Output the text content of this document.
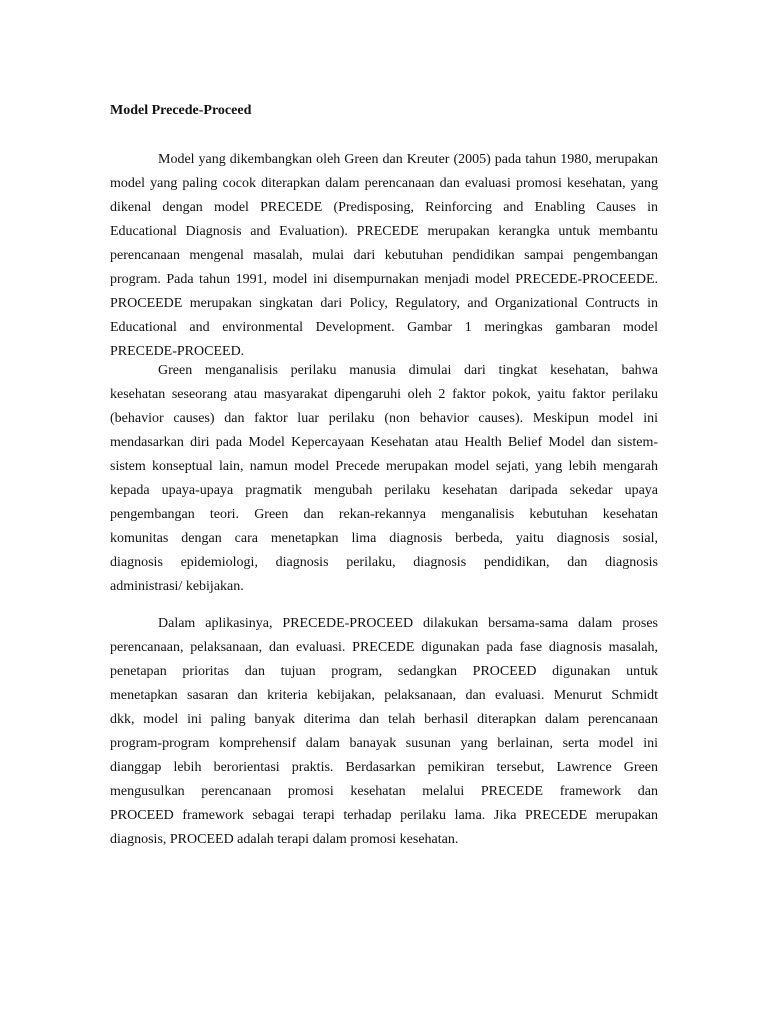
Model Precede-Proceed
Model yang dikembangkan oleh Green dan Kreuter (2005) pada tahun 1980, merupakan
model yang paling cocok diterapkan dalam perencanaan dan evaluasi promosi kesehatan, yang
dikenal dengan model PRECEDE (Predisposing, Reinforcing and Enabling Causes in
Educational Diagnosis and Evaluation). PRECEDE merupakan kerangka untuk membantu
perencanaan mengenal masalah, mulai dari kebutuhan pendidikan sampai pengembangan
program. Pada tahun 1991, model ini disempurnakan menjadi model PRECEDE-PROCEEDE.
PROCEEDE merupakan singkatan dari Policy, Regulatory, and Organizational Contructs in
Educational and environmental Development. Gambar 1 meringkas gambaran model
PRECEDE-PROCEED.
Green menganalisis perilaku manusia dimulai dari tingkat kesehatan, bahwa
kesehatan seseorang atau masyarakat dipengaruhi oleh 2 faktor pokok, yaitu faktor perilaku
(behavior causes) dan faktor luar perilaku (non behavior causes). Meskipun model ini
mendasarkan diri pada Model Kepercayaan Kesehatan atau Health Belief Model dan sistem-
sistem konseptual lain, namun model Precede merupakan model sejati, yang lebih mengarah
kepada upaya-upaya pragmatik mengubah perilaku kesehatan daripada sekedar upaya
pengembangan teori. Green dan rekan-rekannya menganalisis kebutuhan kesehatan
komunitas dengan cara menetapkan lima diagnosis berbeda, yaitu diagnosis sosial,
diagnosis epidemiologi, diagnosis perilaku, diagnosis pendidikan, dan diagnosis
administrasi/ kebijakan.
Dalam aplikasinya, PRECEDE-PROCEED dilakukan bersama-sama dalam proses
perencanaan, pelaksanaan, dan evaluasi. PRECEDE digunakan pada fase diagnosis masalah,
penetapan prioritas dan tujuan program, sedangkan PROCEED digunakan untuk
menetapkan sasaran dan kriteria kebijakan, pelaksanaan, dan evaluasi. Menurut Schmidt
dkk, model ini paling banyak diterima dan telah berhasil diterapkan dalam perencanaan
program-program komprehensif dalam banayak susunan yang berlainan, serta model ini
dianggap lebih berorientasi praktis. Berdasarkan pemikiran tersebut, Lawrence Green
mengusulkan perencanaan promosi kesehatan melalui PRECEDE framework dan
PROCEED framework sebagai terapi terhadap perilaku lama. Jika PRECEDE merupakan
diagnosis, PROCEED adalah terapi dalam promosi kesehatan.
